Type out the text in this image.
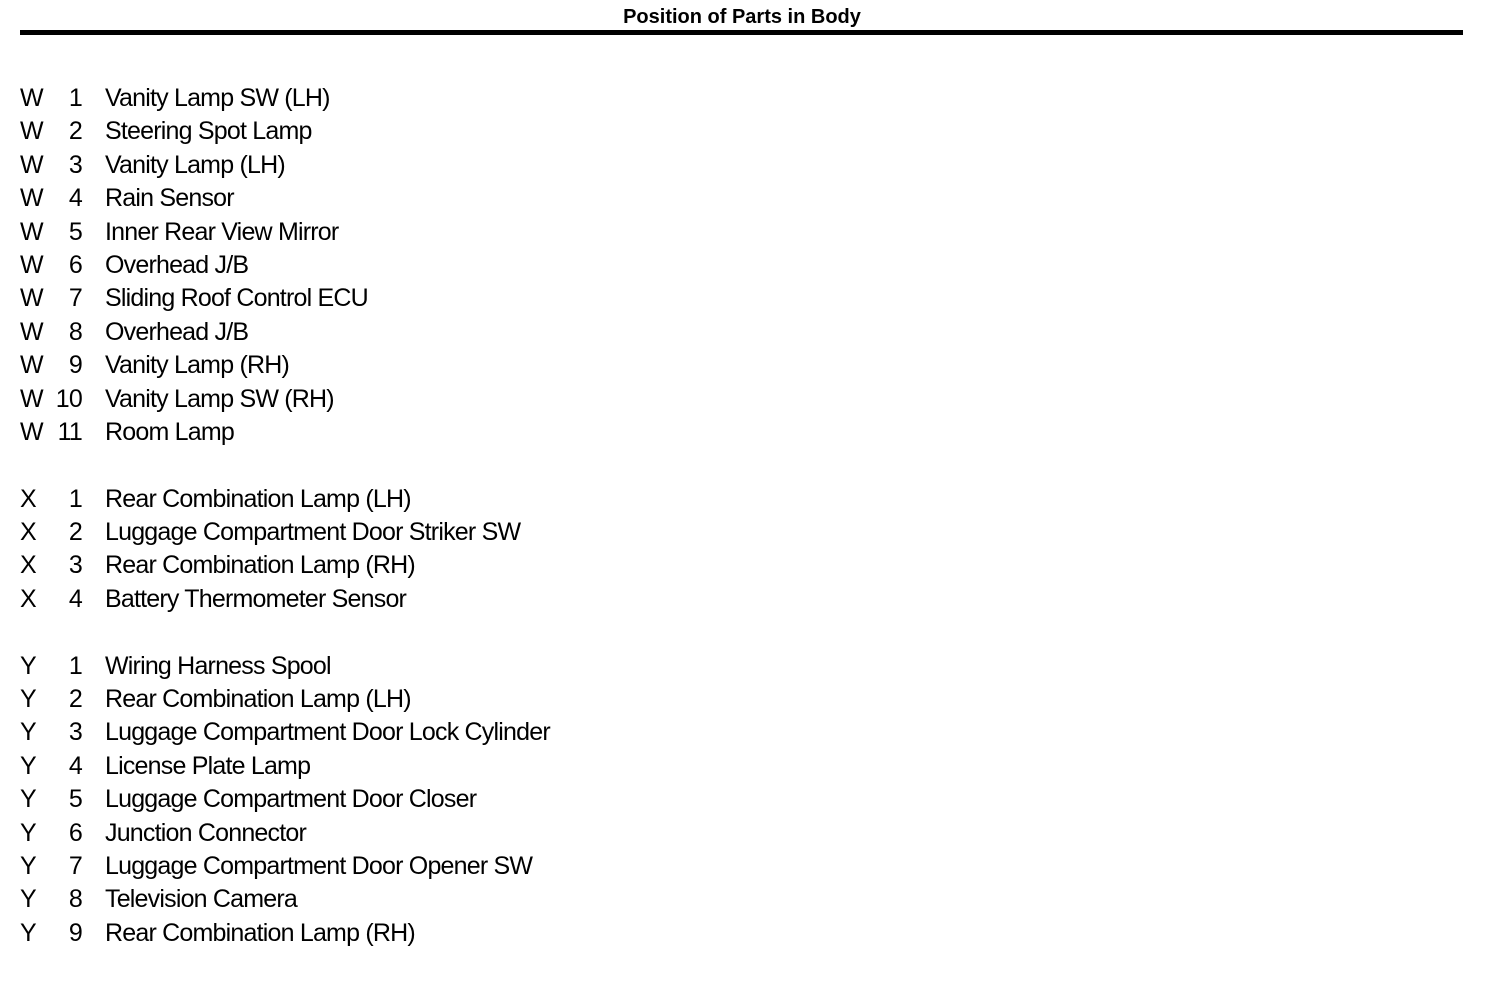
Position of Parts in Body
W	1 Vanity Lamp SW (LH)
W	2 Steering Spot Lamp
W	3 Vanity Lamp (LH)
W	4 Rain Sensor
W	5 Inner Rear View Mirror
W	6 Overhead J/B
W	7 Sliding Roof Control ECU
W	8 Overhead J/B
W	9 Vanity Lamp (RH)
W 10 Vanity Lamp SW (RH)
W 11 Room Lamp
X	1 Rear Combination Lamp (LH)
X	2 Luggage Compartment Door Striker SW
X	3 Rear Combination Lamp (RH)
X	4 Battery Thermometer Sensor
Y	1 Wiring Harness Spool
Y	2 Rear Combination Lamp (LH)
Y	3 Luggage Compartment Door Lock Cylinder
Y	4 License Plate Lamp
Y	5 Luggage Compartment Door Closer
Y	6 Junction Connector
Y	7 Luggage Compartment Door Opener SW
Y	8 Television Camera
Y	9 Rear Combination Lamp (RH)
